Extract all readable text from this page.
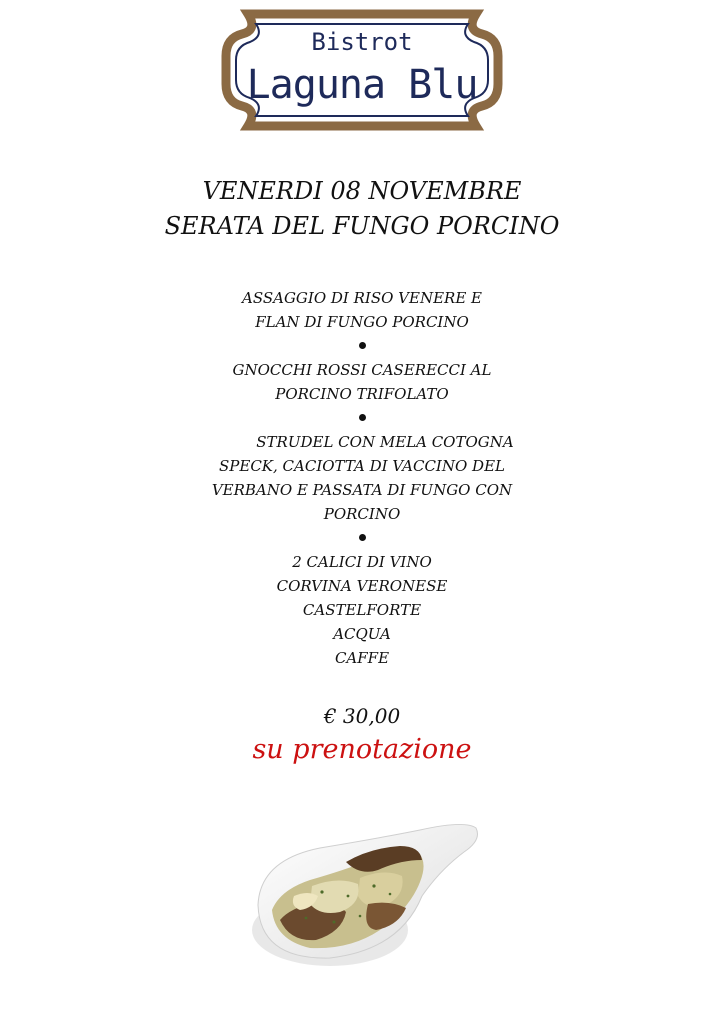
Bistrot
Laguna Blu
VENERDI 08 NOVEMBRE
SERATA DEL FUNGO PORCINO
ASSAGGIO DI RISO VENERE E
FLAN DI FUNGO PORCINO
GNOCCHI ROSSI CASERECCI AL
PORCINO TRIFOLATO
STRUDEL CON MELA COTOGNA
SPECK, CACIOTTA DI VACCINO DEL
VERBANO E PASSATA DI FUNGO CON
PORCINO
2 CALICI DI VINO
CORVINA VERONESE
CASTELFORTE
ACQUA
CAFFE
€ 30,00
su prenotazione
